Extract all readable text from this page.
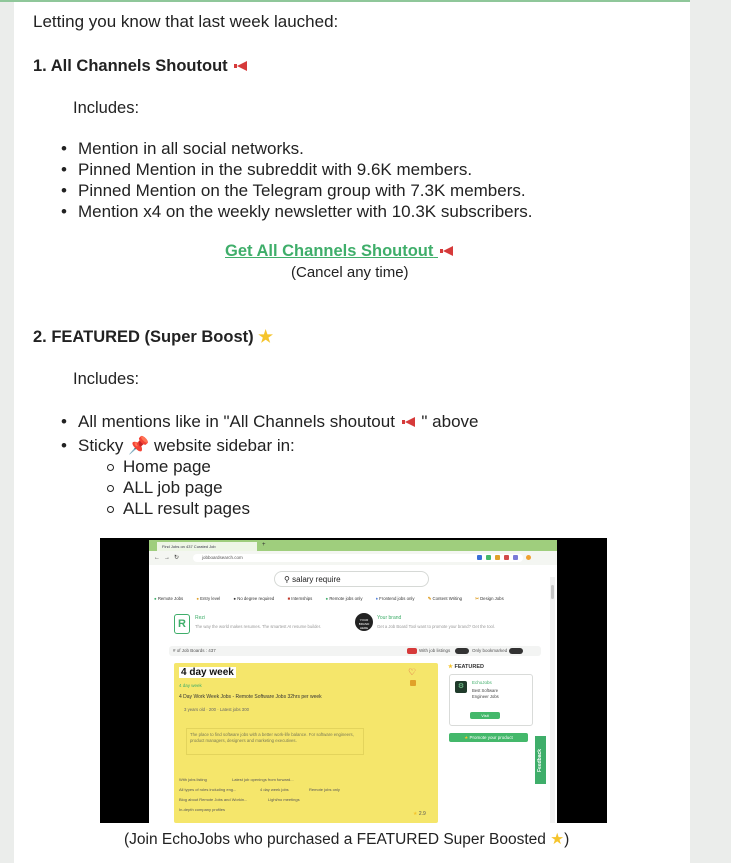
Letting you know that last week lauched:
1. All Channels Shoutout
Includes:
• Mention in all social networks.
• Pinned Mention in the subreddit with 9.6K members.
• Pinned Mention on the Telegram group with 7.3K members.
• Mention x4 on the weekly newsletter with 10.3K subscribers.
Get All Channels Shoutout
(Cancel any time)
2. FEATURED (Super Boost) ★
Includes:
• All mentions like in "All Channels shoutout " above
• Sticky 📌 website sidebar in:
Home page
ALL job page
ALL result pages
Find Jobs on 437 Curated Job	+
← → ↻	jobboardsearch.com
⚲ salary require
● Remote Jobs	● Entry level	● No degree required	■ Internships	● Remote jobs only	♦ Frontend jobs only	✎ Content Writing	✂ Design Jobs
R	Rezi
The way the world makes resumes. The smartest AI resume builder.
YOUR BRAND HERE
Your brand
Get a Job Board Tool want to promote your brand? Get the tool.
# of Job Boards : 437	With job listings	Only bookmarked
4 day week
4 day week
4 Day Work Week Jobs - Remote Software Jobs 32hrs per week
3 years old · 200 · Latest jobs 300
The place to find software jobs with a better work-life balance. For software engineers, product managers, designers and marketing executives.
With jobs listing	Latest job openings from forward...
All types of roles including eng...	4 day week jobs	Remote jobs only
Blog about Remote Jobs and Workin...	Light/no meetings
In-depth company profiles
♡
★ 2.9
★ FEATURED
⚙
EchoJobs
Best Software Engineer Jobs
Visit
★ Promote your product
Feedback
(Join EchoJobs who purchased a FEATURED Super Boosted ★)
